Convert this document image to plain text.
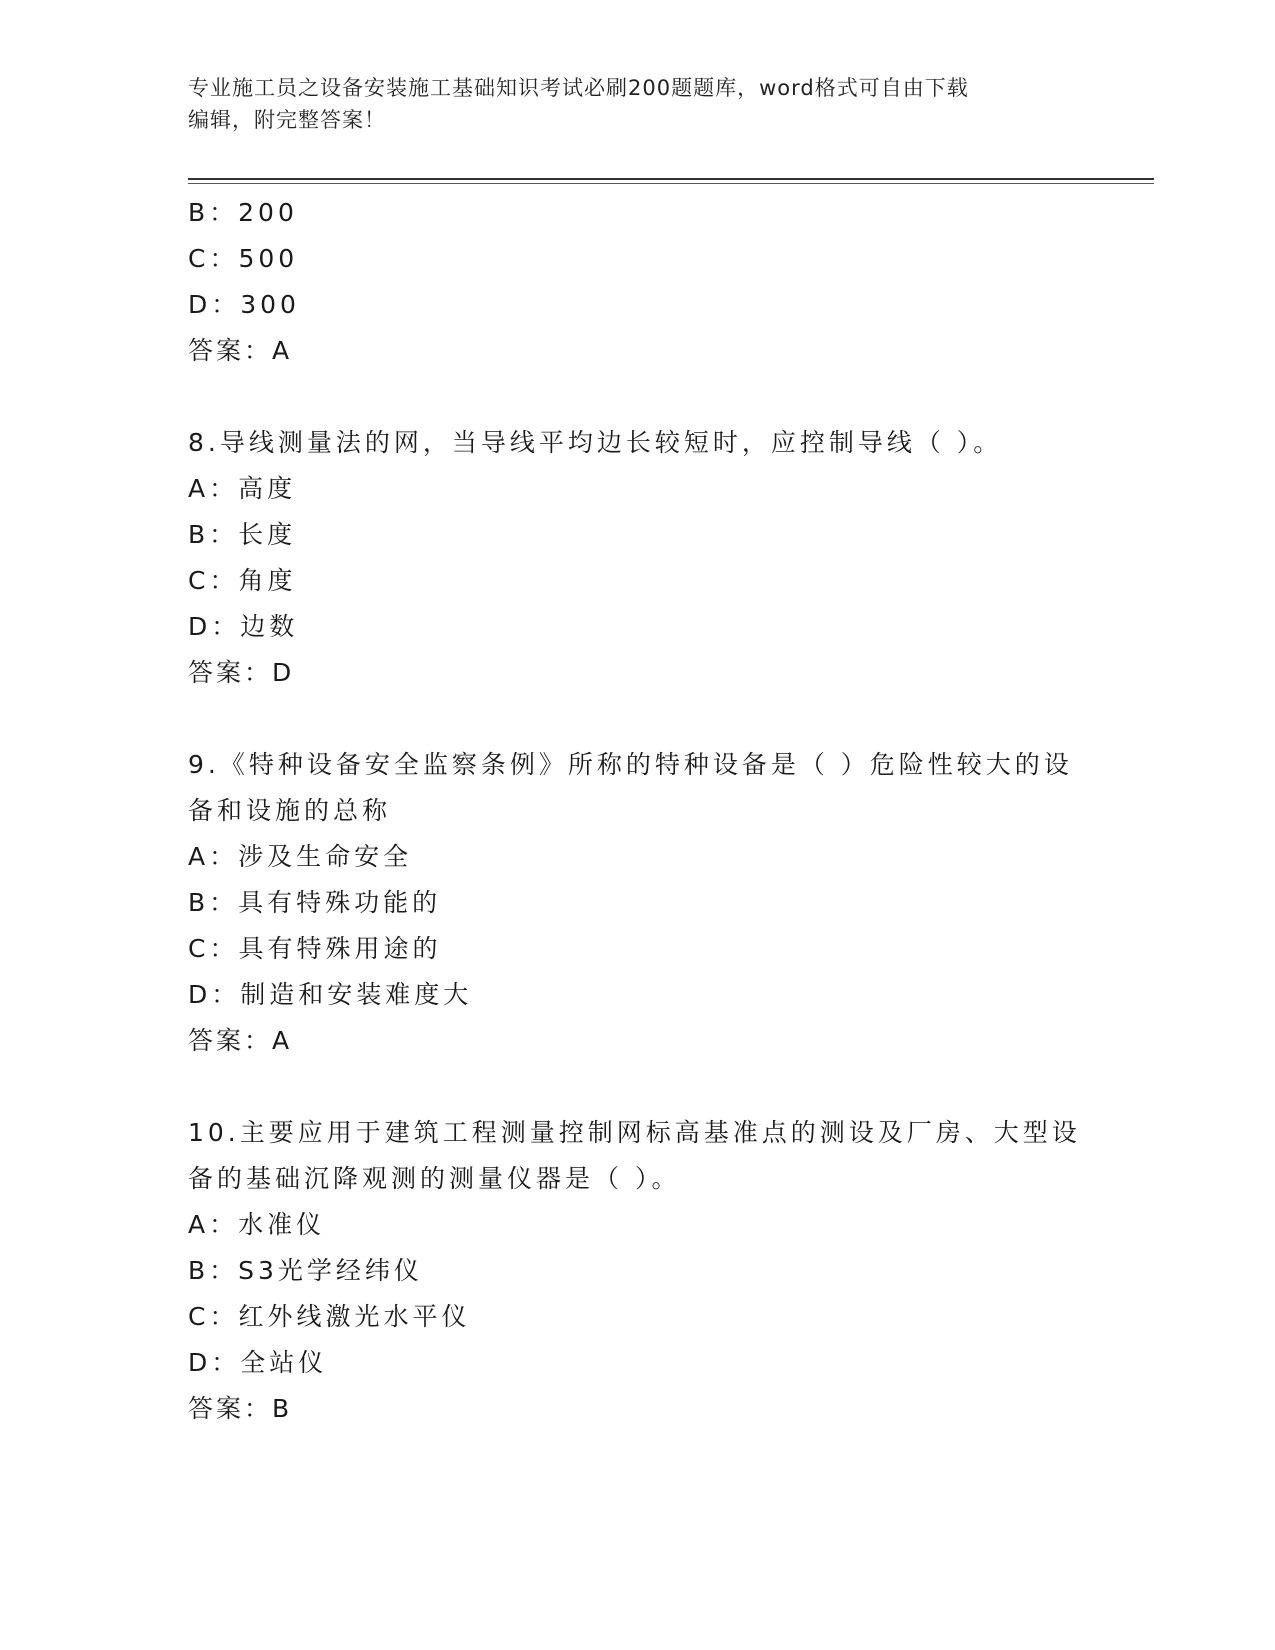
专业施工员之设备安装施工基础知识考试必刷200题题库，word格式可自由下载
编辑，附完整答案！
B：200
C：500
D：300
答案：A
8.导线测量法的网，当导线平均边长较短时，应控制导线（ ）。
A：高度
B：长度
C：角度
D：边数
答案：D
9.《特种设备安全监察条例》所称的特种设备是（ ）危险性较大的设备和设施的总称
A：涉及生命安全
B：具有特殊功能的
C：具有特殊用途的
D：制造和安装难度大
答案：A
10.主要应用于建筑工程测量控制网标高基准点的测设及厂房、大型设备的基础沉降观测的测量仪器是（ ）。
A：水准仪
B：S3光学经纬仪
C：红外线激光水平仪
D：全站仪
答案：B
